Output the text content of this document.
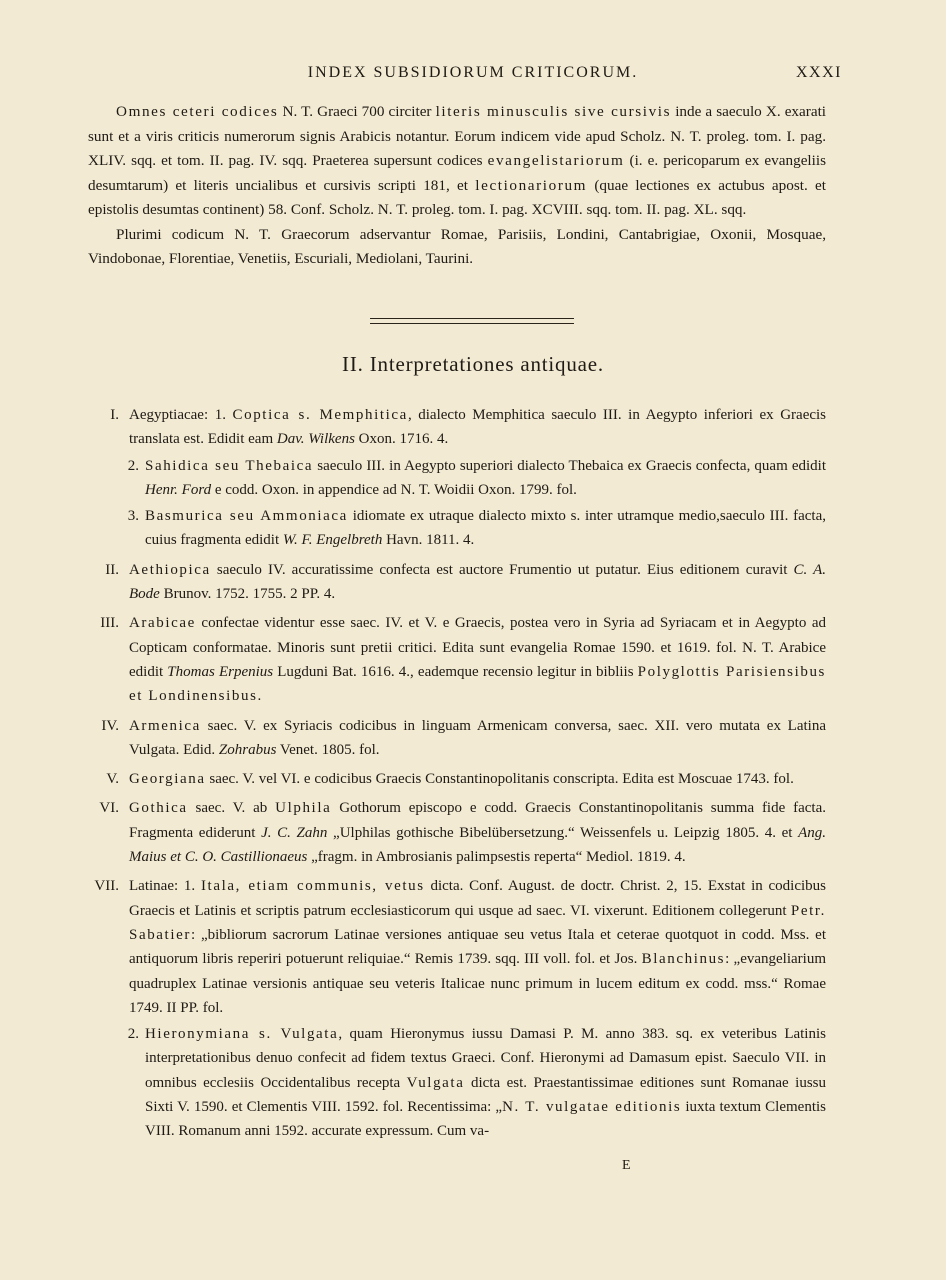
INDEX SUBSIDIORUM CRITICORUM.	XXXI

Omnes ceteri codices N. T. Graeci 700 circiter literis minusculis sive cursivis inde a saeculo X. exarati sunt et a viris criticis numerorum signis Arabicis notantur. Eorum indicem vide apud Scholz. N. T. proleg. tom. I. pag. XLIV. sqq. et tom. II. pag. IV. sqq. Praeterea supersunt codices evangelistariorum (i. e. pericoparum ex evangeliis desumtarum) et literis uncialibus et cursivis scripti 181, et lectionariorum (quae lectiones ex actubus apost. et epistolis desumtas continent) 58. Conf. Scholz. N. T. proleg. tom. I. pag. XCVIII. sqq. tom. II. pag. XL. sqq.

Plurimi codicum N. T. Graecorum adservantur Romae, Parisiis, Londini, Cantabrigiae, Oxonii, Mosquae, Vindobonae, Florentiae, Venetiis, Escuriali, Mediolani, Taurini.

II. Interpretationes antiquae.
I. Aegyptiacae: 1. Coptica s. Memphitica, dialecto Memphitica saeculo III. in Aegypto inferiori ex Graecis translata est. Edidit eam Dav. Wilkens Oxon. 1716. 4.
2. Sahidica seu Thebaica saeculo III. in Aegypto superiori dialecto Thebaica ex Graecis confecta, quam edidit Henr. Ford e codd. Oxon. in appendice ad N. T. Woidii Oxon. 1799. fol.
3. Basmurica seu Ammoniaca idiomate ex utraque dialecto mixto s. inter utramque medio,saeculo III. facta, cuius fragmenta edidit W. F. Engelbreth Havn. 1811. 4.
II. Aethiopica saeculo IV. accuratissime confecta est auctore Frumentio ut putatur. Eius editionem curavit C. A. Bode Brunov. 1752. 1755. 2 PP. 4.
III. Arabicae confectae videntur esse saec. IV. et V. e Graecis, postea vero in Syria ad Syriacam et in Aegypto ad Copticam conformatae. Minoris sunt pretii critici. Edita sunt evangelia Romae 1590. et 1619. fol. N. T. Arabice edidit Thomas Erpenius Lugduni Bat. 1616. 4., eademque recensio legitur in bibliis Polyglottis Parisiensibus et Londinensibus.
IV. Armenica saec. V. ex Syriacis codicibus in linguam Armenicam conversa, saec. XII. vero mutata ex Latina Vulgata. Edid. Zohrabus Venet. 1805. fol.
V. Georgiana saec. V. vel VI. e codicibus Graecis Constantinopolitanis conscripta. Edita est Moscuae 1743. fol.
VI. Gothica saec. V. ab Ulphila Gothorum episcopo e codd. Graecis Constantinopolitanis summa fide facta. Fragmenta ediderunt J. C. Zahn „Ulphilas gothische Bibelübersetzung.“ Weissenfels u. Leipzig 1805. 4. et Ang. Maius et C. O. Castillionaeus „fragm. in Ambrosianis palimpsestis reperta“ Mediol. 1819. 4.
VII. Latinae: 1. Itala, etiam communis, vetus dicta. Conf. August. de doctr. Christ. 2, 15. Exstat in codicibus Graecis et Latinis et scriptis patrum ecclesiasticorum qui usque ad saec. VI. vixerunt. Editionem collegerunt Petr. Sabatier: „bibliorum sacrorum Latinae versiones antiquae seu vetus Itala et ceterae quotquot in codd. Mss. et antiquorum libris reperiri potuerunt reliquiae.“ Remis 1739. sqq. III voll. fol. et Jos. Blanchinus: „evangeliarium quadruplex Latinae versionis antiquae seu veteris Italicae nunc primum in lucem editum ex codd. mss.“ Romae 1749. II PP. fol.
2. Hieronymiana s. Vulgata, quam Hieronymus iussu Damasi P. M. anno 383. sq. ex veteribus Latinis interpretationibus denuo confecit ad fidem textus Graeci. Conf. Hieronymi ad Damasum epist. Saeculo VII. in omnibus ecclesiis Occidentalibus recepta Vulgata dicta est. Praestantissimae editiones sunt Romanae iussu Sixti V. 1590. et Clementis VIII. 1592. fol. Recentissima: „N. T. vulgatae editionis iuxta textum Clementis VIII. Romanum anni 1592. accurate expressum. Cum va-
E
